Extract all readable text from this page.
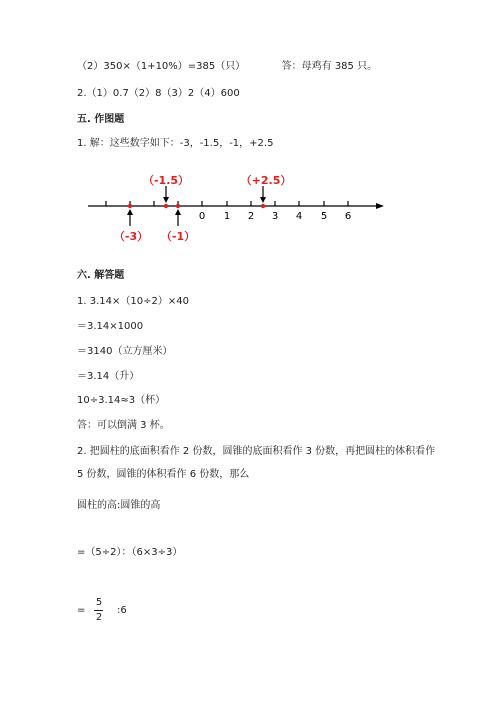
（2）350×（1+10%）=385（只）	答：母鸡有 385 只。
2.（1）0.7（2）8（3）2（4）600
五. 作图题
1. 解：这些数字如下：-3，-1.5，-1，+2.5
0 1 2 3 4 5 6
（-1.5）	（+2.5）
（-3） （-1）
六. 解答题
1. 3.14×（10÷2）×40
＝3.14×1000
＝3140（立方厘米）
＝3.14（升）
10÷3.14≈3（杯）
答：可以倒满 3 杯。
2. 把圆柱的底面积看作 2 份数，圆锥的底面积看作 3 份数，再把圆柱的体积看作
5 份数，圆锥的体积看作 6 份数，那么
圆柱的高:圆锥的高
=（5÷2）：（6×3÷3）
=
5
2
:6
